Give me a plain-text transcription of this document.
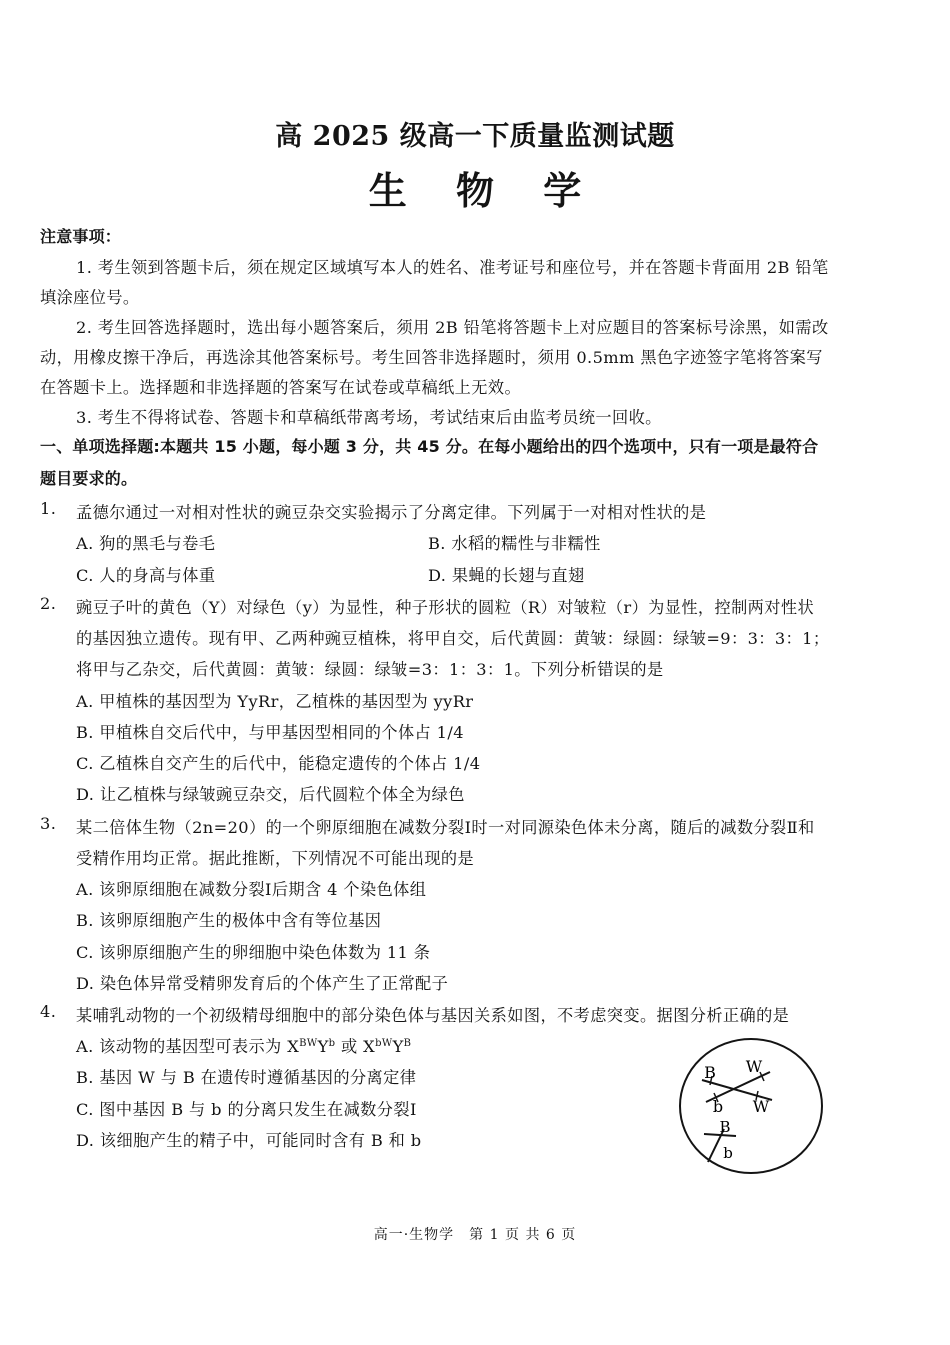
高 2025 级高一下质量监测试题
生 物 学
注意事项：
1. 考生领到答题卡后，须在规定区域填写本人的姓名、准考证号和座位号，并在答题卡背面用 2B 铅笔
填涂座位号。
2. 考生回答选择题时，选出每小题答案后，须用 2B 铅笔将答题卡上对应题目的答案标号涂黑，如需改
动，用橡皮擦干净后，再选涂其他答案标号。考生回答非选择题时，须用 0.5mm 黑色字迹签字笔将答案写
在答题卡上。选择题和非选择题的答案写在试卷或草稿纸上无效。
3. 考生不得将试卷、答题卡和草稿纸带离考场，考试结束后由监考员统一回收。
一、单项选择题:本题共 15 小题，每小题 3 分，共 45 分。在每小题给出的四个选项中，只有一项是最符合
题目要求的。
1. 孟德尔通过一对相对性状的豌豆杂交实验揭示了分离定律。下列属于一对相对性状的是
A. 狗的黑毛与卷毛	B. 水稻的糯性与非糯性
C. 人的身高与体重	D. 果蝇的长翅与直翅
2. 豌豆子叶的黄色（Y）对绿色（y）为显性，种子形状的圆粒（R）对皱粒（r）为显性，控制两对性状
的基因独立遗传。现有甲、乙两种豌豆植株，将甲自交，后代黄圆：黄皱：绿圆：绿皱=9：3：3：1；
将甲与乙杂交，后代黄圆：黄皱：绿圆：绿皱=3：1：3：1。下列分析错误的是
A. 甲植株的基因型为 YyRr，乙植株的基因型为 yyRr
B. 甲植株自交后代中，与甲基因型相同的个体占 1/4
C. 乙植株自交产生的后代中，能稳定遗传的个体占 1/4
D. 让乙植株与绿皱豌豆杂交，后代圆粒个体全为绿色
3. 某二倍体生物（2n=20）的一个卵原细胞在减数分裂Ⅰ时一对同源染色体未分离，随后的减数分裂Ⅱ和
受精作用均正常。据此推断，下列情况不可能出现的是
A. 该卵原细胞在减数分裂Ⅰ后期含 4 个染色体组
B. 该卵原细胞产生的极体中含有等位基因
C. 该卵原细胞产生的卵细胞中染色体数为 11 条
D. 染色体异常受精卵发育后的个体产生了正常配子
4. 某哺乳动物的一个初级精母细胞中的部分染色体与基因关系如图，不考虑突变。据图分析正确的是
A. 该动物的基因型可表示为 $X^{BW}Y^b$ 或 $X^{bW}Y^B$
B. 基因 W 与 B 在遗传时遵循基因的分离定律
C. 图中基因 B 与 b 的分离只发生在减数分裂Ⅰ
D. 该细胞产生的精子中，可能同时含有 B 和 b
B W
b W
B
b
高一·生物学　第 1 页 共 6 页
